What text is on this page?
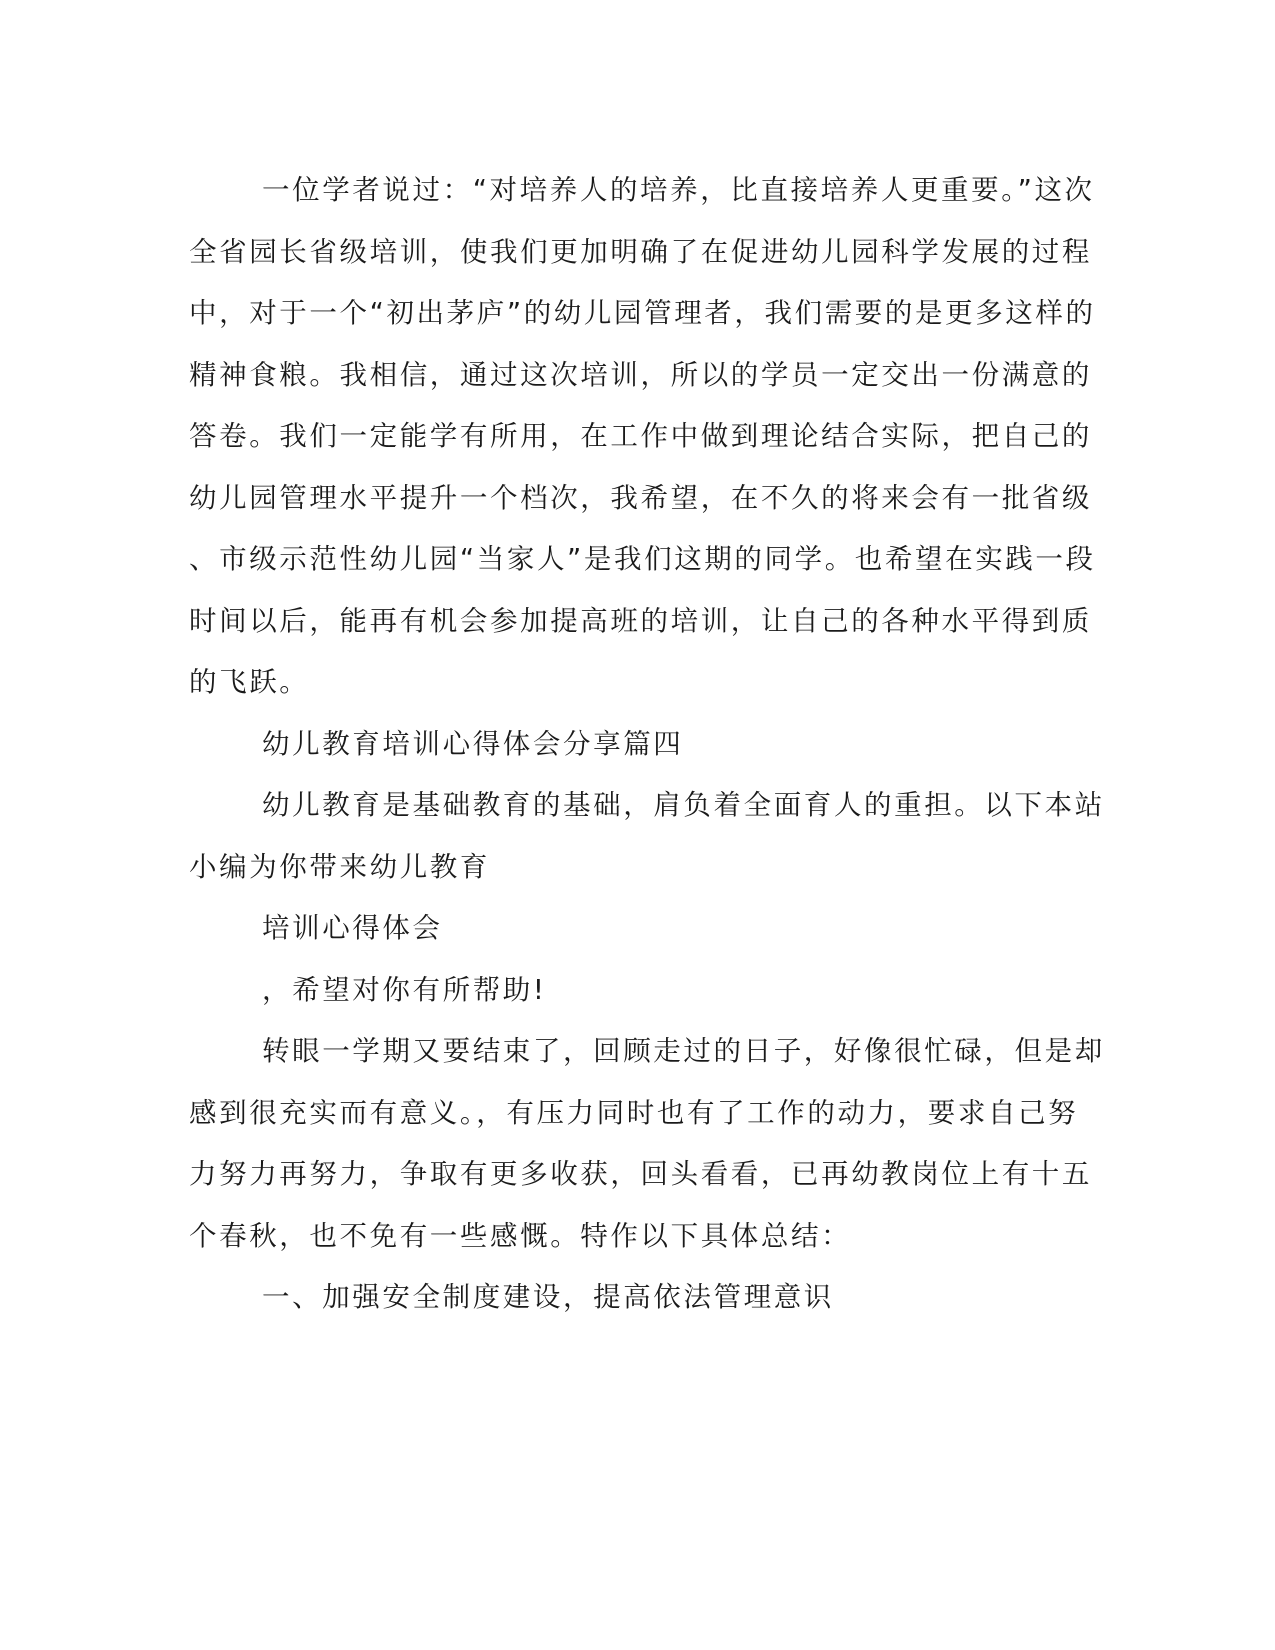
一位学者说过：“对培养人的培养，比直接培养人更重要。”这次
全省园长省级培训，使我们更加明确了在促进幼儿园科学发展的过程
中，对于一个“初出茅庐”的幼儿园管理者，我们需要的是更多这样的
精神食粮。我相信，通过这次培训，所以的学员一定交出一份满意的
答卷。我们一定能学有所用，在工作中做到理论结合实际，把自己的
幼儿园管理水平提升一个档次，我希望，在不久的将来会有一批省级
、市级示范性幼儿园“当家人”是我们这期的同学。也希望在实践一段
时间以后，能再有机会参加提高班的培训，让自己的各种水平得到质
的飞跃。
幼儿教育培训心得体会分享篇四
幼儿教育是基础教育的基础，肩负着全面育人的重担。以下本站
小编为你带来幼儿教育
培训心得体会
，希望对你有所帮助!
转眼一学期又要结束了，回顾走过的日子，好像很忙碌，但是却
感到很充实而有意义。，有压力同时也有了工作的动力，要求自己努
力努力再努力，争取有更多收获，回头看看，已再幼教岗位上有十五
个春秋，也不免有一些感慨。特作以下具体总结：
一、加强安全制度建设，提高依法管理意识
